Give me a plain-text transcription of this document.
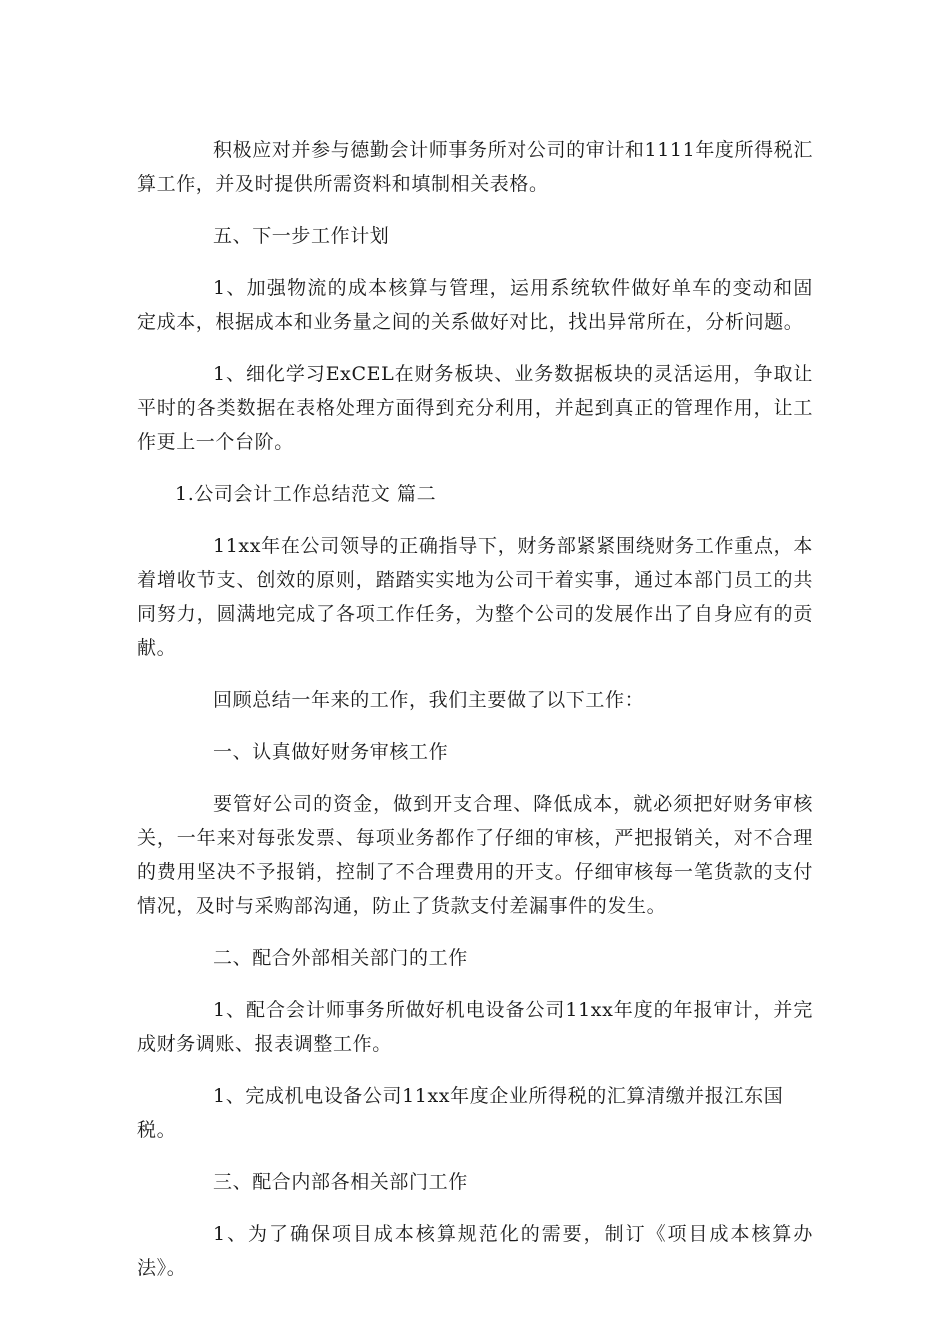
积极应对并参与德勤会计师事务所对公司的审计和1111年度所得税汇算工作，并及时提供所需资料和填制相关表格。

五、下一步工作计划

1、加强物流的成本核算与管理，运用系统软件做好单车的变动和固定成本，根据成本和业务量之间的关系做好对比，找出异常所在，分析问题。

1、细化学习ExCEL在财务板块、业务数据板块的灵活运用，争取让平时的各类数据在表格处理方面得到充分利用，并起到真正的管理作用，让工作更上一个台阶。

1.公司会计工作总结范文 篇二

11xx年在公司领导的正确指导下，财务部紧紧围绕财务工作重点，本着增收节支、创效的原则，踏踏实实地为公司干着实事，通过本部门员工的共同努力，圆满地完成了各项工作任务，为整个公司的发展作出了自身应有的贡献。

回顾总结一年来的工作，我们主要做了以下工作：

一、认真做好财务审核工作

要管好公司的资金，做到开支合理、降低成本，就必须把好财务审核关，一年来对每张发票、每项业务都作了仔细的审核，严把报销关，对不合理的费用坚决不予报销，控制了不合理费用的开支。仔细审核每一笔货款的支付情况，及时与采购部沟通，防止了货款支付差漏事件的发生。

二、配合外部相关部门的工作

1、配合会计师事务所做好机电设备公司11xx年度的年报审计，并完成财务调账、报表调整工作。

1、完成机电设备公司11xx年度企业所得税的汇算清缴并报江东国税。

三、配合内部各相关部门工作

1、为了确保项目成本核算规范化的需要，制订《项目成本核算办法》。
